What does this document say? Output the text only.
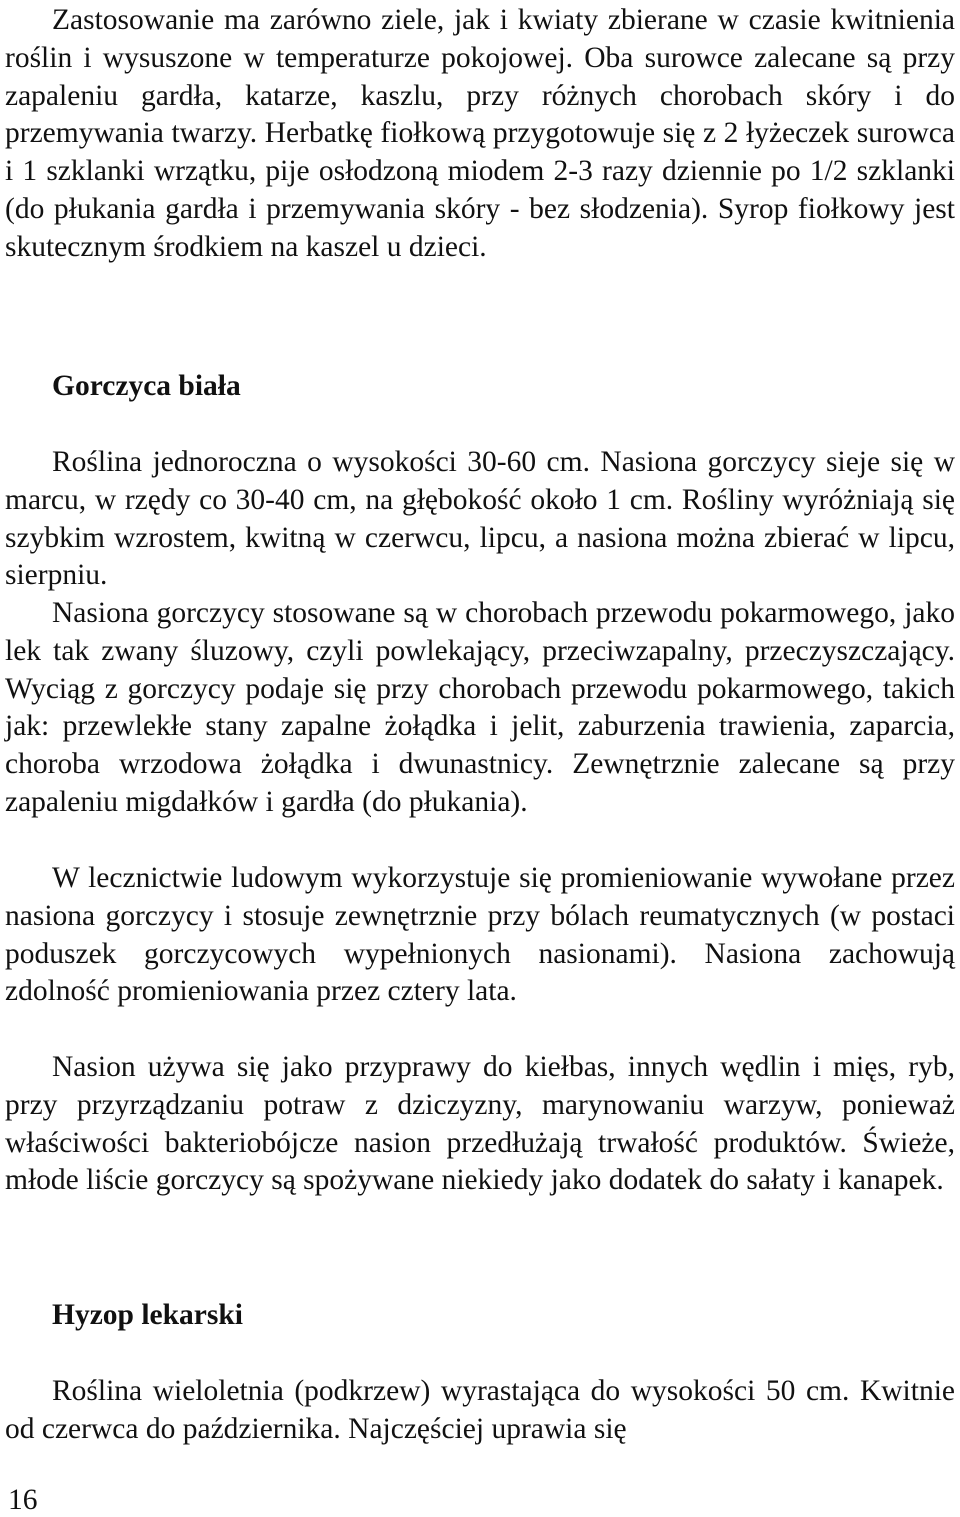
Zastosowanie ma zarówno ziele, jak i kwiaty zbierane w czasie kwitnienia roślin i wysuszone w temperaturze pokojowej. Oba surowce zalecane są przy zapaleniu gardła, katarze, kaszlu, przy różnych chorobach skóry i do przemywania twarzy. Herbatkę fiołkową przygotowuje się z 2 łyżeczek surowca i 1 szklanki wrzątku, pije osłodzoną miodem 2-3 razy dziennie po 1/2 szklanki (do płukania gardła i przemywania skóry - bez słodzenia). Syrop fiołkowy jest skutecznym środkiem na kaszel u dzieci.

Gorczyca biała

Roślina jednoroczna o wysokości 30-60 cm. Nasiona gorczycy sieje się w marcu, w rzędy co 30-40 cm, na głębokość około 1 cm. Rośliny wyróżniają się szybkim wzrostem, kwitną w czerwcu, lipcu, a nasiona można zbierać w lipcu, sierpniu.

Nasiona gorczycy stosowane są w chorobach przewodu pokarmowego, jako lek tak zwany śluzowy, czyli powlekający, przeciwzapalny, przeczyszczający. Wyciąg z gorczycy podaje się przy chorobach przewodu pokarmowego, takich jak: przewlekłe stany zapalne żołądka i jelit, zaburzenia trawienia, zaparcia, choroba wrzodowa żołądka i dwunastnicy. Zewnętrznie zalecane są przy zapaleniu migdałków i gardła (do płukania).

W lecznictwie ludowym wykorzystuje się promieniowanie wywołane przez nasiona gorczycy i stosuje zewnętrznie przy bólach reumatycznych (w postaci poduszek gorczycowych wypełnionych nasionami). Nasiona zachowują zdolność promieniowania przez cztery lata.

Nasion używa się jako przyprawy do kiełbas, innych wędlin i mięs, ryb, przy przyrządzaniu potraw z dziczyzny, marynowaniu warzyw, ponieważ właściwości bakteriobójcze nasion przedłużają trwałość produktów. Świeże, młode liście gorczycy są spożywane niekiedy jako dodatek do sałaty i kanapek.

Hyzop lekarski

Roślina wieloletnia (podkrzew) wyrastająca do wysokości 50 cm. Kwitnie od czerwca do października. Najczęściej uprawia się

16
